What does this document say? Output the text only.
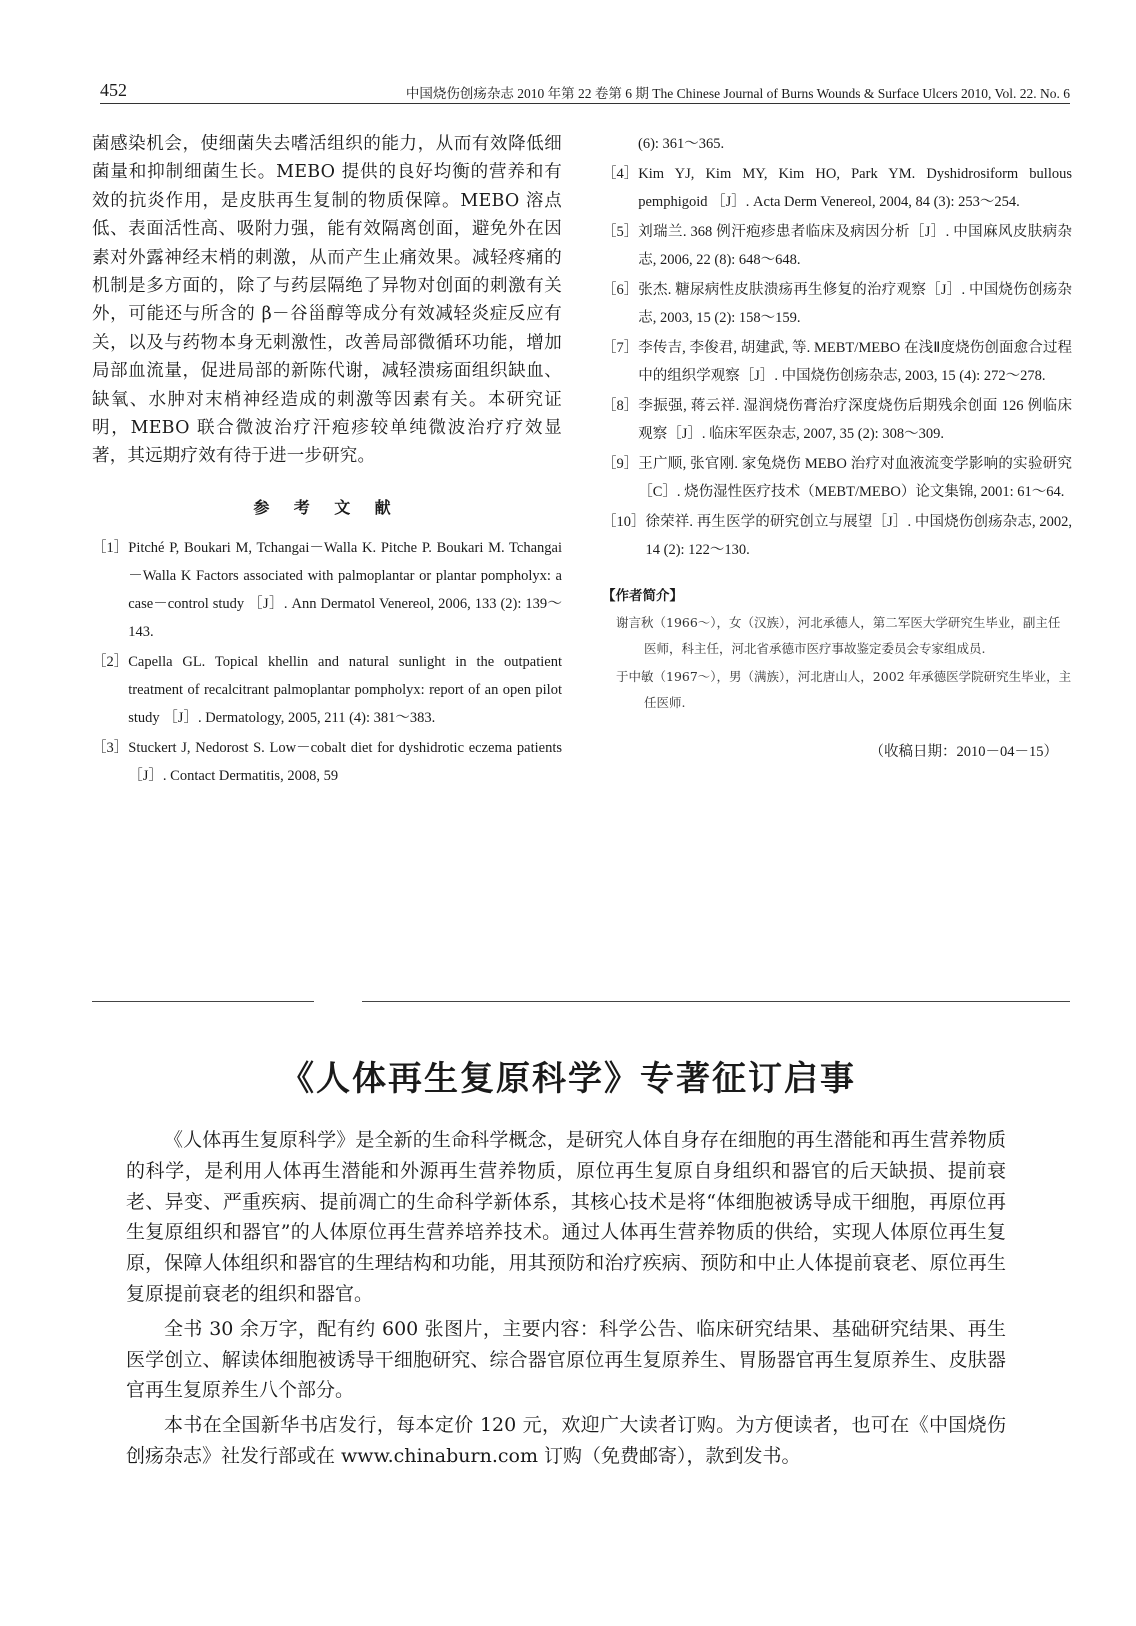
452	中国烧伤创疡杂志 2010 年第 22 卷第 6 期 The Chinese Journal of Burns Wounds & Surface Ulcers 2010, Vol. 22. No. 6

菌感染机会，使细菌失去嗜活组织的能力，从而有效降低细菌量和抑制细菌生长。MEBO 提供的良好均衡的营养和有效的抗炎作用，是皮肤再生复制的物质保障。MEBO 溶点低、表面活性高、吸附力强，能有效隔离创面，避免外在因素对外露神经末梢的刺激，从而产生止痛效果。减轻疼痛的机制是多方面的，除了与药层隔绝了异物对创面的刺激有关外，可能还与所含的 β－谷甾醇等成分有效减轻炎症反应有关，以及与药物本身无刺激性，改善局部微循环功能，增加局部血流量，促进局部的新陈代谢，减轻溃疡面组织缺血、缺氧、水肿对末梢神经造成的刺激等因素有关。本研究证明，MEBO 联合微波治疗汗疱疹较单纯微波治疗疗效显著，其远期疗效有待于进一步研究。

参 考 文 献
［1］ Pitché P, Boukari M, Tchangai－Walla K. Pitche P. Boukari M. Tchangai－Walla K Factors associated with palmoplantar or plantar pompholyx: a case－control study ［J］. Ann Dermatol Venereol, 2006, 133 (2): 139～143.
［2］ Capella GL. Topical khellin and natural sunlight in the outpatient treatment of recalcitrant palmoplantar pompholyx: report of an open pilot study ［J］. Dermatology, 2005, 211 (4): 381～383.
［3］ Stuckert J, Nedorost S. Low－cobalt diet for dyshidrotic eczema patients ［J］. Contact Dermatitis, 2008, 59
(6): 361～365.
［4］ Kim YJ, Kim MY, Kim HO, Park YM. Dyshidrosiform bullous pemphigoid ［J］. Acta Derm Venereol, 2004, 84 (3): 253～254.
［5］ 刘瑞兰. 368 例汗疱疹患者临床及病因分析［J］. 中国麻风皮肤病杂志, 2006, 22 (8): 648～648.
［6］ 张杰. 糖尿病性皮肤溃疡再生修复的治疗观察［J］. 中国烧伤创疡杂志, 2003, 15 (2): 158～159.
［7］ 李传吉, 李俊君, 胡建武, 等. MEBT/MEBO 在浅Ⅱ度烧伤创面愈合过程中的组织学观察［J］. 中国烧伤创疡杂志, 2003, 15 (4): 272～278.
［8］ 李振强, 蒋云祥. 湿润烧伤膏治疗深度烧伤后期残余创面 126 例临床观察［J］. 临床军医杂志, 2007, 35 (2): 308～309.
［9］ 王广顺, 张官刚. 家兔烧伤 MEBO 治疗对血液流变学影响的实验研究［C］. 烧伤湿性医疗技术（MEBT/MEBO）论文集锦, 2001: 61～64.
［10］ 徐荣祥. 再生医学的研究创立与展望［J］. 中国烧伤创疡杂志, 2002, 14 (2): 122～130.
【作者简介】

谢言秋（1966～），女（汉族），河北承德人，第二军医大学研究生毕业，副主任医师，科主任，河北省承德市医疗事故鉴定委员会专家组成员.

于中敏（1967～），男（满族），河北唐山人，2002 年承德医学院研究生毕业，主任医师.

（收稿日期：2010－04－15）
《人体再生复原科学》专著征订启事

《人体再生复原科学》是全新的生命科学概念，是研究人体自身存在细胞的再生潜能和再生营养物质的科学，是利用人体再生潜能和外源再生营养物质，原位再生复原自身组织和器官的后天缺损、提前衰老、异变、严重疾病、提前凋亡的生命科学新体系，其核心技术是将“体细胞被诱导成干细胞，再原位再生复原组织和器官”的人体原位再生营养培养技术。通过人体再生营养物质的供给，实现人体原位再生复原，保障人体组织和器官的生理结构和功能，用其预防和治疗疾病、预防和中止人体提前衰老、原位再生复原提前衰老的组织和器官。

全书 30 余万字，配有约 600 张图片，主要内容：科学公告、临床研究结果、基础研究结果、再生医学创立、解读体细胞被诱导干细胞研究、综合器官原位再生复原养生、胃肠器官再生复原养生、皮肤器官再生复原养生八个部分。

本书在全国新华书店发行，每本定价 120 元，欢迎广大读者订购。为方便读者，也可在《中国烧伤创疡杂志》社发行部或在 www.chinaburn.com 订购（免费邮寄），款到发书。
